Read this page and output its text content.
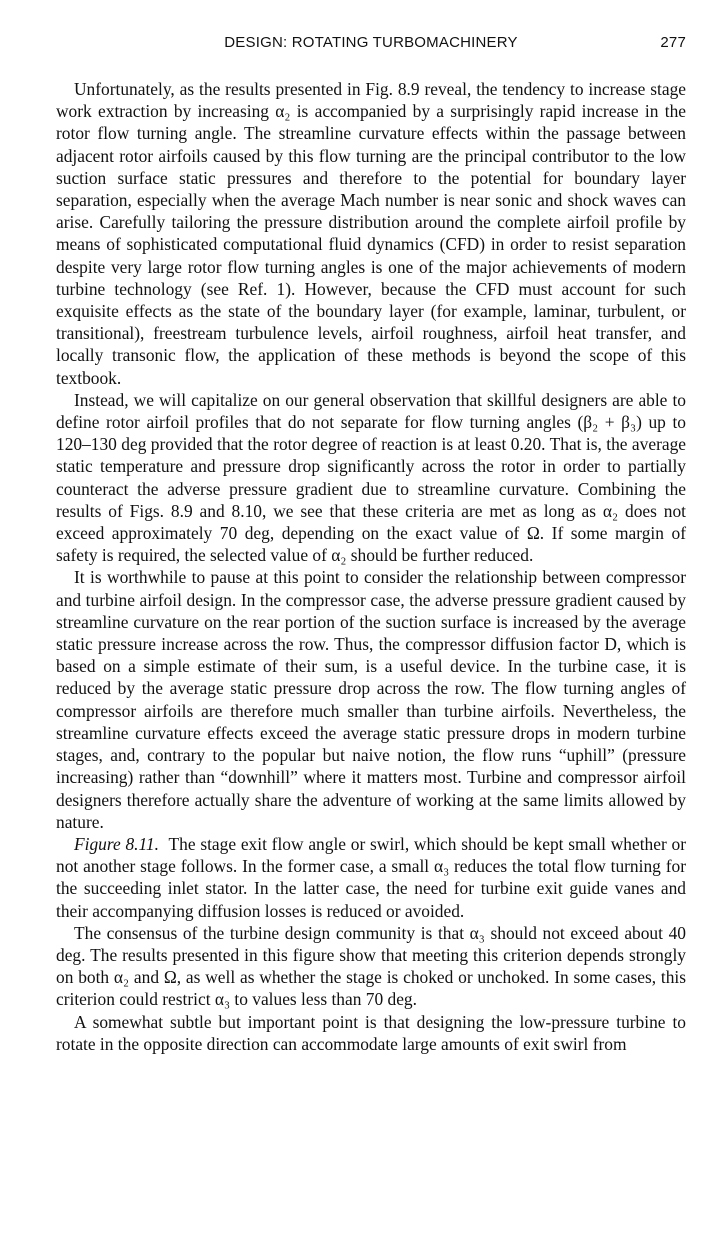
DESIGN: ROTATING TURBOMACHINERY	277

Unfortunately, as the results presented in Fig. 8.9 reveal, the tendency to increase stage work extraction by increasing α₂ is accompanied by a surprisingly rapid increase in the rotor flow turning angle. The streamline curvature effects within the passage between adjacent rotor airfoils caused by this flow turning are the principal contributor to the low suction surface static pressures and therefore to the potential for boundary layer separation, especially when the average Mach number is near sonic and shock waves can arise. Carefully tailoring the pressure distribution around the complete airfoil profile by means of sophisticated computational fluid dynamics (CFD) in order to resist separation despite very large rotor flow turning angles is one of the major achievements of modern turbine technology (see Ref. 1). However, because the CFD must account for such exquisite effects as the state of the boundary layer (for example, laminar, turbulent, or transitional), freestream turbulence levels, airfoil roughness, airfoil heat transfer, and locally transonic flow, the application of these methods is beyond the scope of this textbook.

Instead, we will capitalize on our general observation that skillful designers are able to define rotor airfoil profiles that do not separate for flow turning angles (β₂ + β₃) up to 120–130 deg provided that the rotor degree of reaction is at least 0.20. That is, the average static temperature and pressure drop significantly across the rotor in order to partially counteract the adverse pressure gradient due to streamline curvature. Combining the results of Figs. 8.9 and 8.10, we see that these criteria are met as long as α₂ does not exceed approximately 70 deg, depending on the exact value of Ω. If some margin of safety is required, the selected value of α₂ should be further reduced.

It is worthwhile to pause at this point to consider the relationship between compressor and turbine airfoil design. In the compressor case, the adverse pressure gradient caused by streamline curvature on the rear portion of the suction surface is increased by the average static pressure increase across the row. Thus, the compressor diffusion factor D, which is based on a simple estimate of their sum, is a useful device. In the turbine case, it is reduced by the average static pressure drop across the row. The flow turning angles of compressor airfoils are therefore much smaller than turbine airfoils. Nevertheless, the streamline curvature effects exceed the average static pressure drops in modern turbine stages, and, contrary to the popular but naive notion, the flow runs “uphill” (pressure increasing) rather than “downhill” where it matters most. Turbine and compressor airfoil designers therefore actually share the adventure of working at the same limits allowed by nature.

Figure 8.11. The stage exit flow angle or swirl, which should be kept small whether or not another stage follows. In the former case, a small α₃ reduces the total flow turning for the succeeding inlet stator. In the latter case, the need for turbine exit guide vanes and their accompanying diffusion losses is reduced or avoided.

The consensus of the turbine design community is that α₃ should not exceed about 40 deg. The results presented in this figure show that meeting this criterion depends strongly on both α₂ and Ω, as well as whether the stage is choked or unchoked. In some cases, this criterion could restrict α₃ to values less than 70 deg.

A somewhat subtle but important point is that designing the low-pressure turbine to rotate in the opposite direction can accommodate large amounts of exit swirl from
